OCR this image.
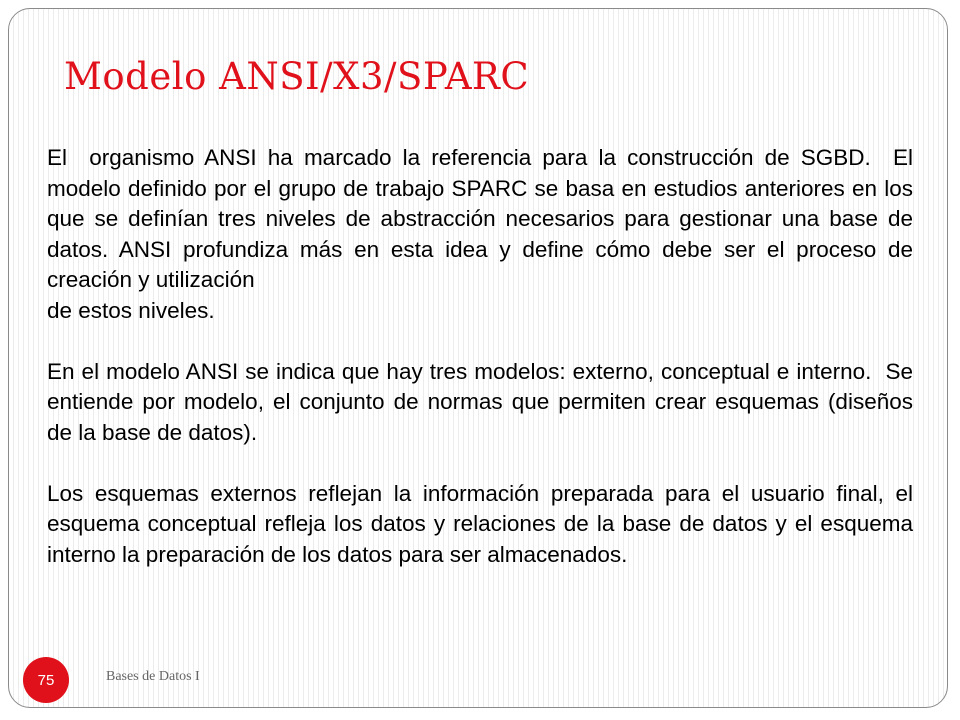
Modelo ANSI/X3/SPARC

El  organismo ANSI ha marcado la referencia para la construcción de SGBD.  El modelo definido por el grupo de trabajo SPARC se basa en estudios anteriores en los que se definían tres niveles de abstracción necesarios para gestionar una base de datos. ANSI profundiza más en esta idea y define cómo debe ser el proceso de creación y utilización
de estos niveles.

En el modelo ANSI se indica que hay tres modelos: externo, conceptual e interno.  Se entiende por modelo, el conjunto de normas que permiten crear esquemas (diseños de la base de datos).

Los esquemas externos reflejan la información preparada para el usuario final, el esquema conceptual refleja los datos y relaciones de la base de datos y el esquema interno la preparación de los datos para ser almacenados.

75	Bases de Datos I
